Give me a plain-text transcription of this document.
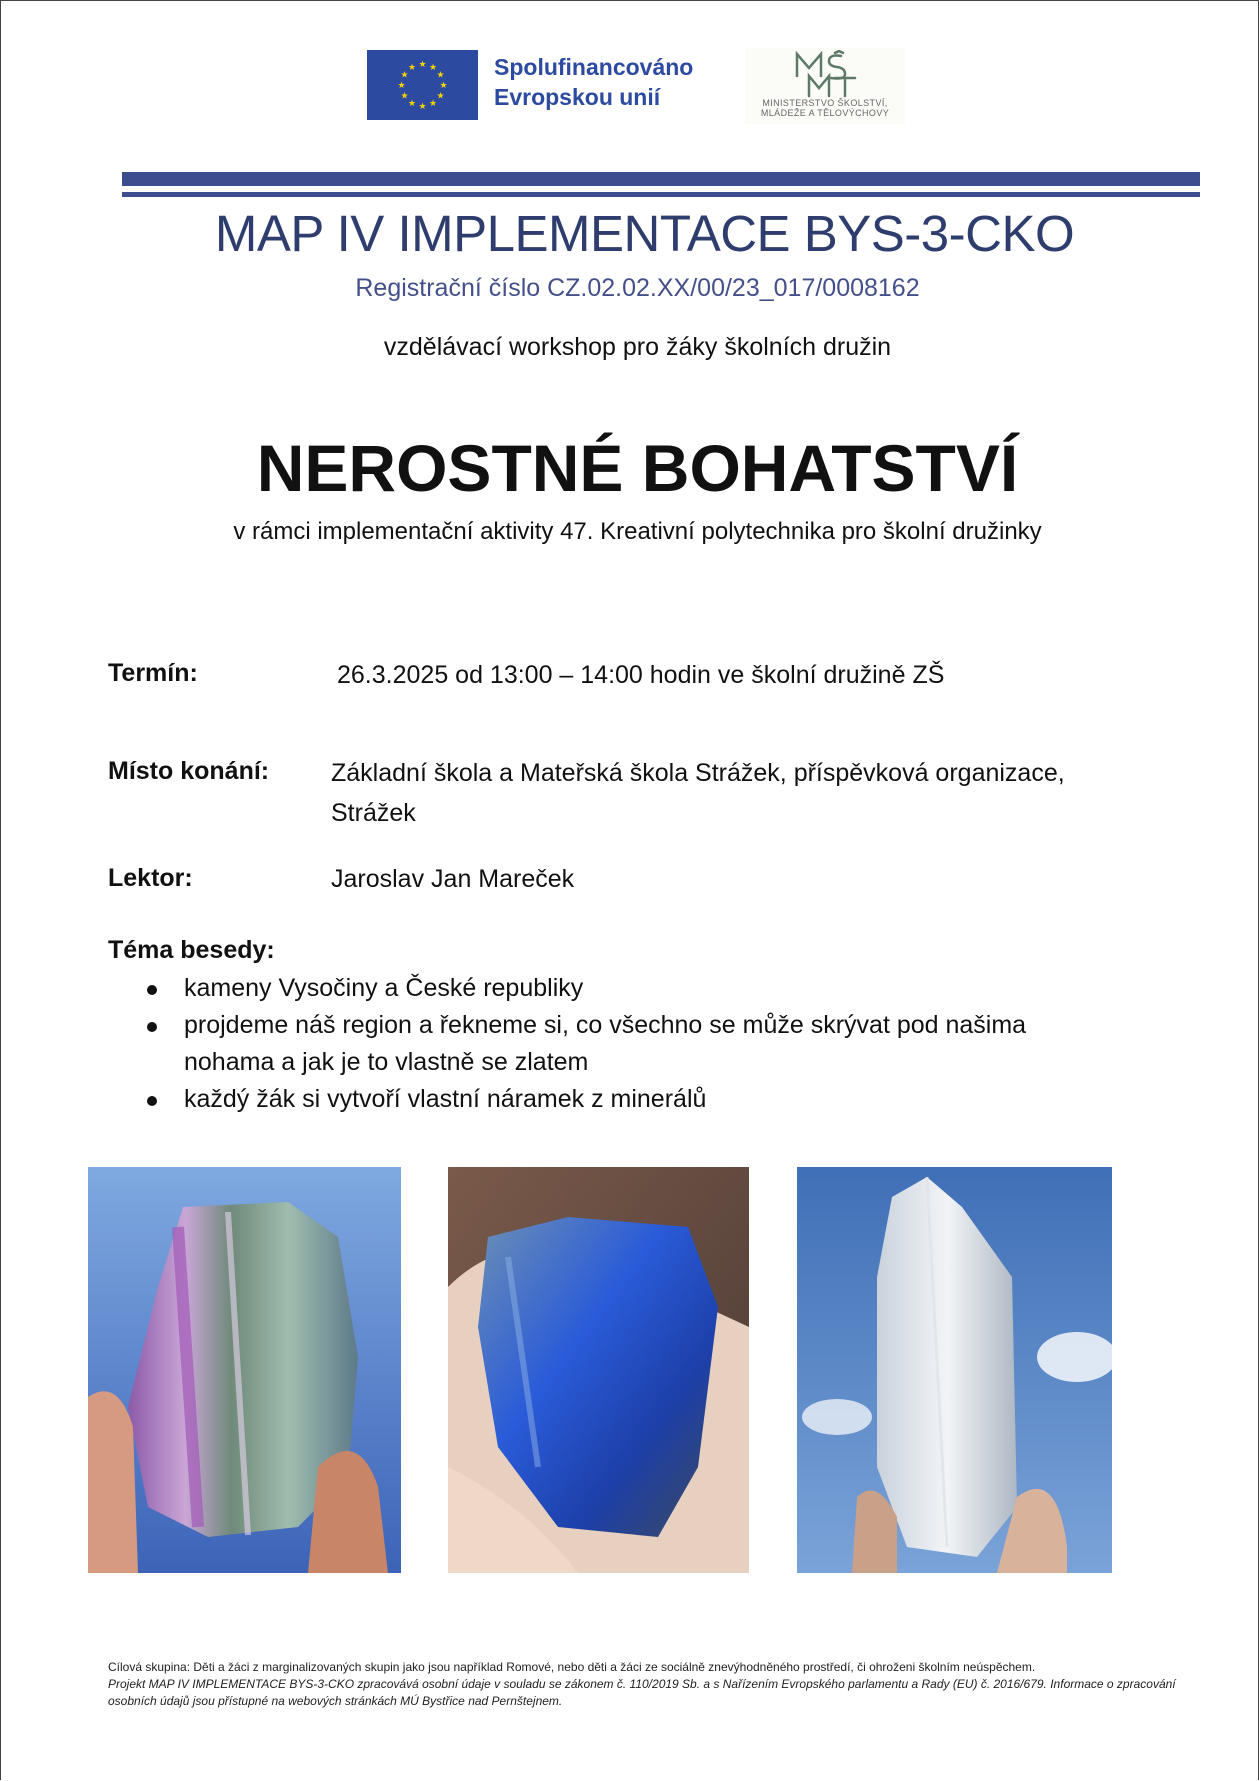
★ ★
★
★
★
★
★
★
★
★
★
★	Spolufinancováno
Evropskou unií	MINISTERSTVO ŠKOLSTVÍ,
MLÁDEŽE A TĚLOVÝCHOVY
MAP IV IMPLEMENTACE BYS-3-CKO
Registrační číslo CZ.02.02.XX/00/23_017/0008162
vzdělávací workshop pro žáky školních družin
NEROSTNÉ BOHATSTVÍ
v rámci implementační aktivity 47. Kreativní polytechnika pro školní družinky
Termín:	26.3.2025 od 13:00 – 14:00 hodin ve školní družině ZŠ
Místo konání: Základní škola a Mateřská škola Strážek, příspěvková organizace,
Strážek
Lektor:	Jaroslav Jan Mareček
Téma besedy:
kameny Vysočiny a České republiky
projdeme náš region a řekneme si, co všechno se může skrývat pod našima nohama a jak je to vlastně se zlatem
každý žák si vytvoří vlastní náramek z minerálů
Cílová skupina: Děti a žáci z marginalizovaných skupin jako jsou například Romové, nebo děti a žáci ze sociálně znevýhodněného prostředí, či ohroženi školním neúspěchem.
Projekt MAP IV IMPLEMENTACE BYS-3-CKO zpracovává osobní údaje v souladu se zákonem č. 110/2019 Sb. a s Nařízením Evropského parlamentu a Rady (EU) č. 2016/679. Informace o zpracování osobních údajů jsou přístupné na webových stránkách MÚ Bystřice nad Pernštejnem.
